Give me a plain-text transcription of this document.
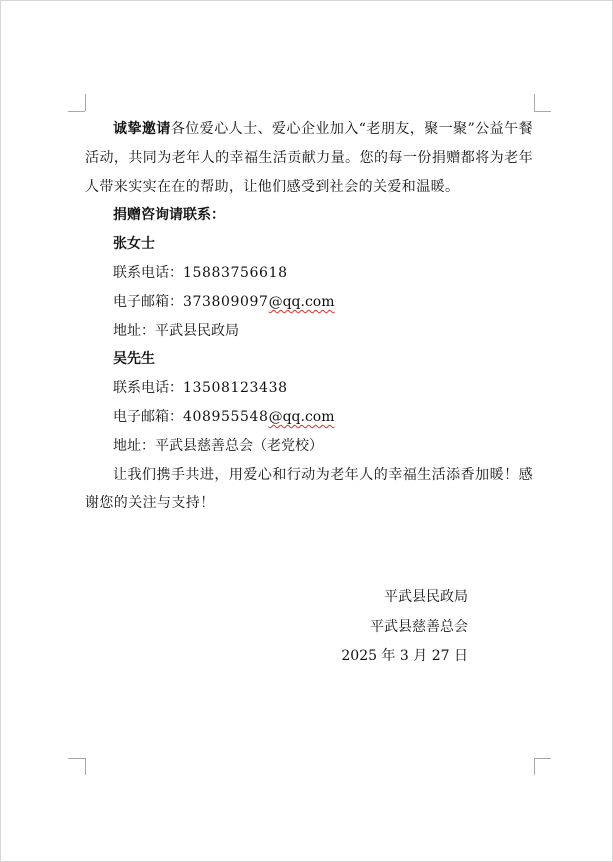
诚挚邀请各位爱心人士、爱心企业加入“老朋友，聚一聚”公益午餐活动，共同为老年人的幸福生活贡献力量。您的每一份捐赠都将为老年人带来实实在在的帮助，让他们感受到社会的关爱和温暖。

捐赠咨询请联系：

张女士

联系电话：15883756618

电子邮箱：373809097@qq.com

地址：平武县民政局

吴先生

联系电话：13508123438

电子邮箱：408955548@qq.com

地址：平武县慈善总会（老党校）

让我们携手共进，用爱心和行动为老年人的幸福生活添香加暖！感谢您的关注与支持！

平武县民政局

平武县慈善总会

2025 年 3 月 27 日
